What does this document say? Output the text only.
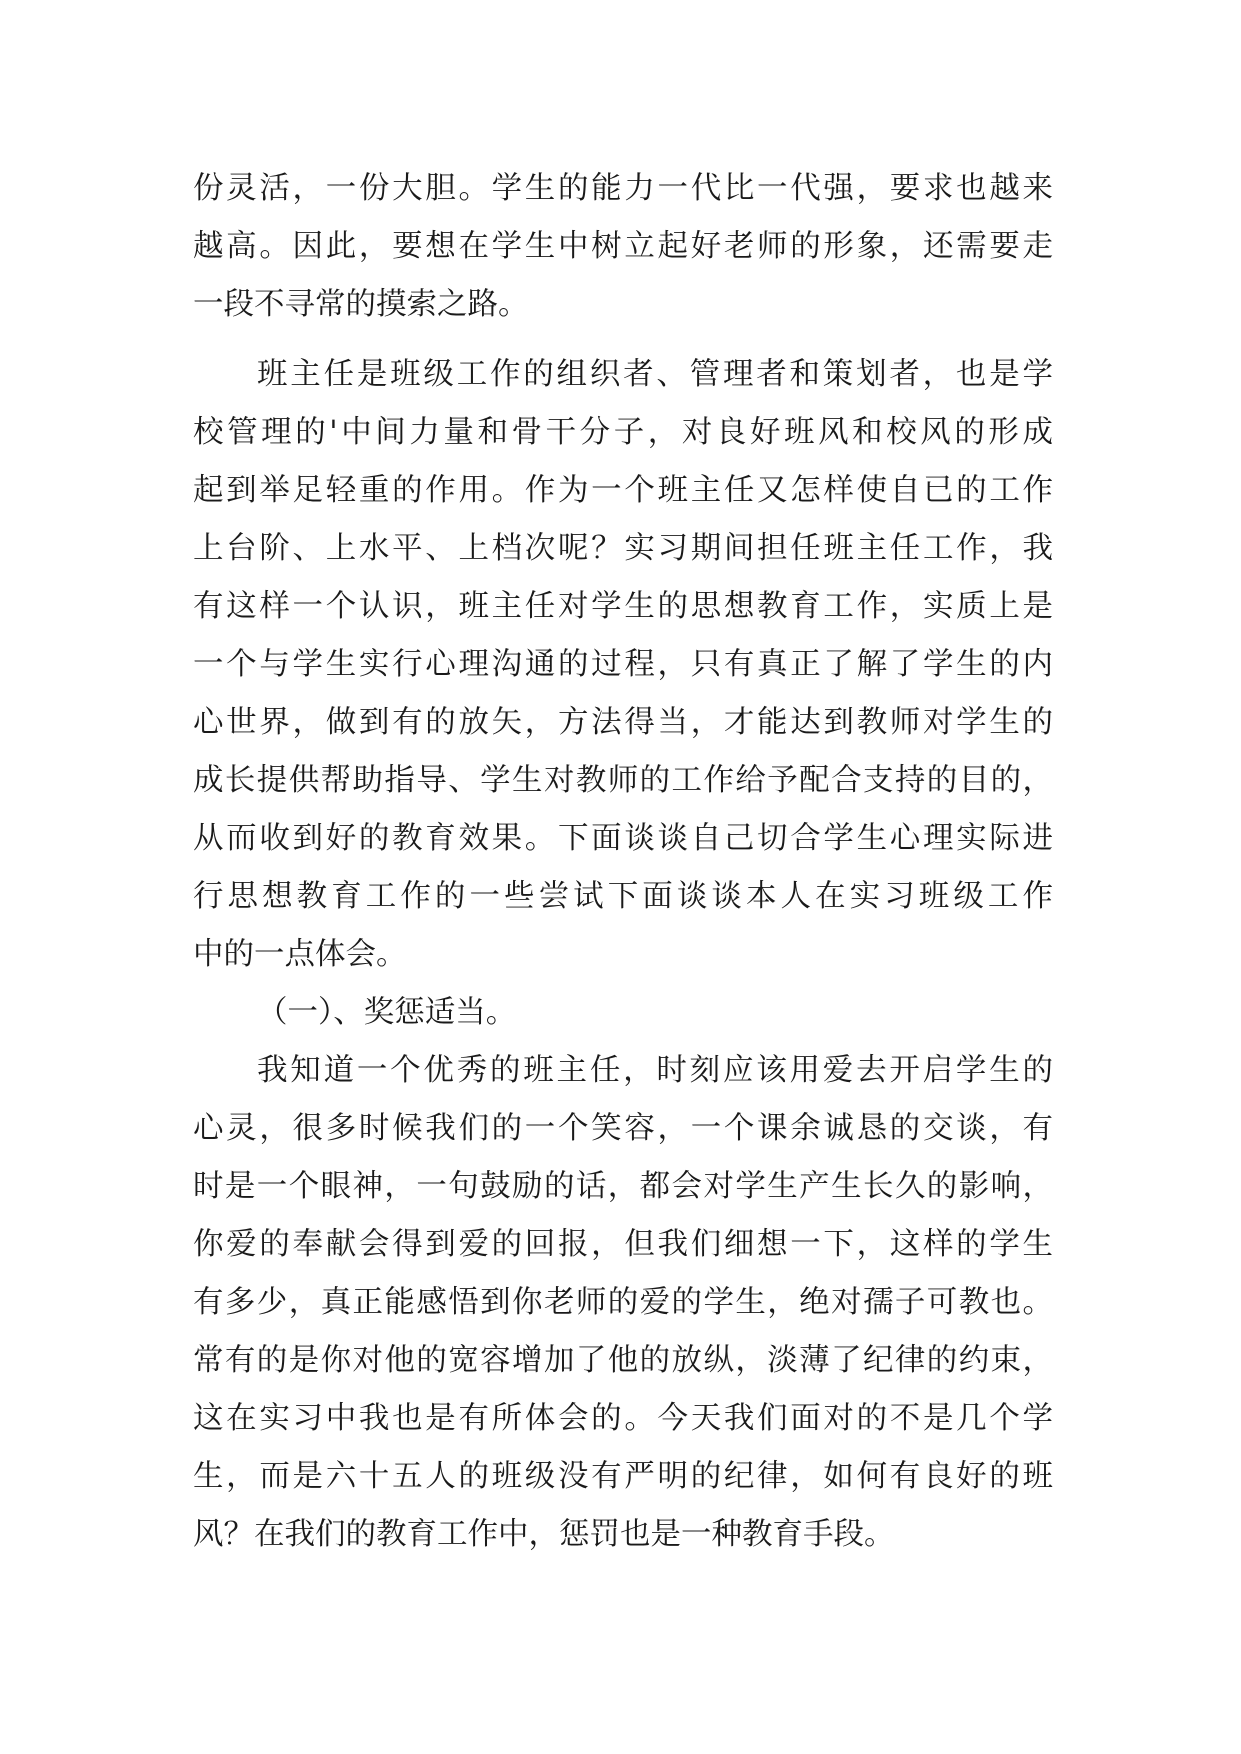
份灵活，一份大胆。学生的能力一代比一代强，要求也越来
越高。因此，要想在学生中树立起好老师的形象，还需要走
一段不寻常的摸索之路。
班主任是班级工作的组织者、管理者和策划者，也是学
校管理的'中间力量和骨干分子，对良好班风和校风的形成
起到举足轻重的作用。作为一个班主任又怎样使自已的工作
上台阶、上水平、上档次呢？实习期间担任班主任工作，我
有这样一个认识，班主任对学生的思想教育工作，实质上是
一个与学生实行心理沟通的过程，只有真正了解了学生的内
心世界，做到有的放矢，方法得当，才能达到教师对学生的
成长提供帮助指导、学生对教师的工作给予配合支持的目的，
从而收到好的教育效果。下面谈谈自己切合学生心理实际进
行思想教育工作的一些尝试下面谈谈本人在实习班级工作
中的一点体会。
（一）、奖惩适当。
我知道一个优秀的班主任，时刻应该用爱去开启学生的
心灵，很多时候我们的一个笑容，一个课余诚恳的交谈，有
时是一个眼神，一句鼓励的话，都会对学生产生长久的影响，
你爱的奉献会得到爱的回报，但我们细想一下，这样的学生
有多少，真正能感悟到你老师的爱的学生，绝对孺子可教也。
常有的是你对他的宽容增加了他的放纵，淡薄了纪律的约束，
这在实习中我也是有所体会的。今天我们面对的不是几个学
生，而是六十五人的班级没有严明的纪律，如何有良好的班
风？在我们的教育工作中，惩罚也是一种教育手段。
